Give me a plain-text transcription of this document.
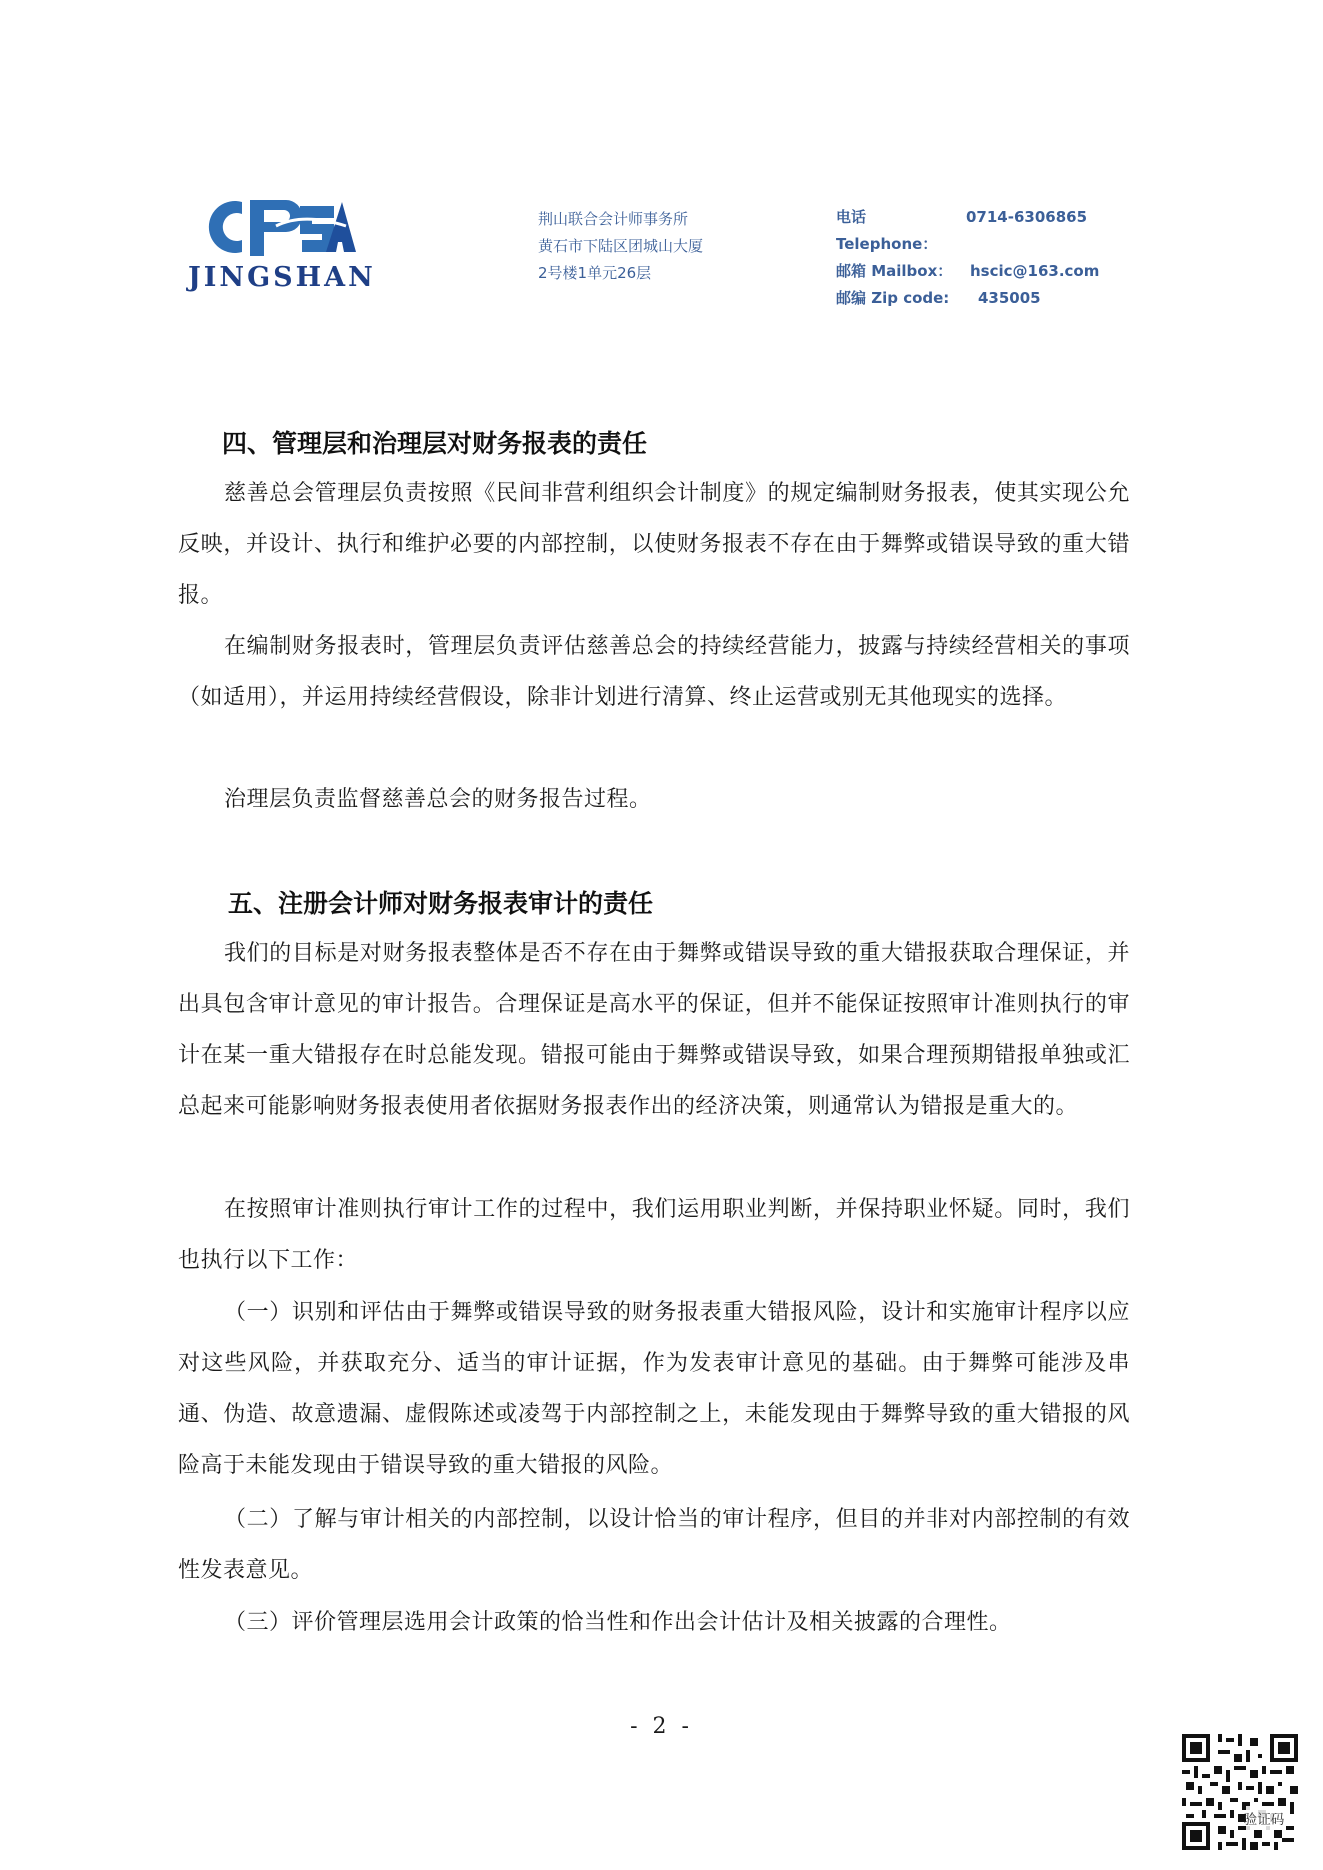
JINGSHAN
荆山联合会计师事务所
黄石市下陆区团城山大厦
2号楼1单元26层
电话 Telephone：
0714-6306865
邮箱 Mailbox：	hscic@163.com
邮编 Zip code:	435005
四、管理层和治理层对财务报表的责任

慈善总会管理层负责按照《民间非营利组织会计制度》的规定编制财务报表，使其实现公允反映，并设计、执行和维护必要的内部控制，以使财务报表不存在由于舞弊或错误导致的重大错报。

在编制财务报表时，管理层负责评估慈善总会的持续经营能力，披露与持续经营相关的事项（如适用），并运用持续经营假设，除非计划进行清算、终止运营或别无其他现实的选择。

治理层负责监督慈善总会的财务报告过程。

五、注册会计师对财务报表审计的责任

我们的目标是对财务报表整体是否不存在由于舞弊或错误导致的重大错报获取合理保证，并出具包含审计意见的审计报告。合理保证是高水平的保证，但并不能保证按照审计准则执行的审计在某一重大错报存在时总能发现。错报可能由于舞弊或错误导致，如果合理预期错报单独或汇总起来可能影响财务报表使用者依据财务报表作出的经济决策，则通常认为错报是重大的。

在按照审计准则执行审计工作的过程中，我们运用职业判断，并保持职业怀疑。同时，我们也执行以下工作：

（一）识别和评估由于舞弊或错误导致的财务报表重大错报风险，设计和实施审计程序以应对这些风险，并获取充分、适当的审计证据，作为发表审计意见的基础。由于舞弊可能涉及串通、伪造、故意遗漏、虚假陈述或凌驾于内部控制之上，未能发现由于舞弊导致的重大错报的风险高于未能发现由于错误导致的重大错报的风险。

（二）了解与审计相关的内部控制，以设计恰当的审计程序，但目的并非对内部控制的有效性发表意见。

（三）评价管理层选用会计政策的恰当性和作出会计估计及相关披露的合理性。

- 2 -
验证码
